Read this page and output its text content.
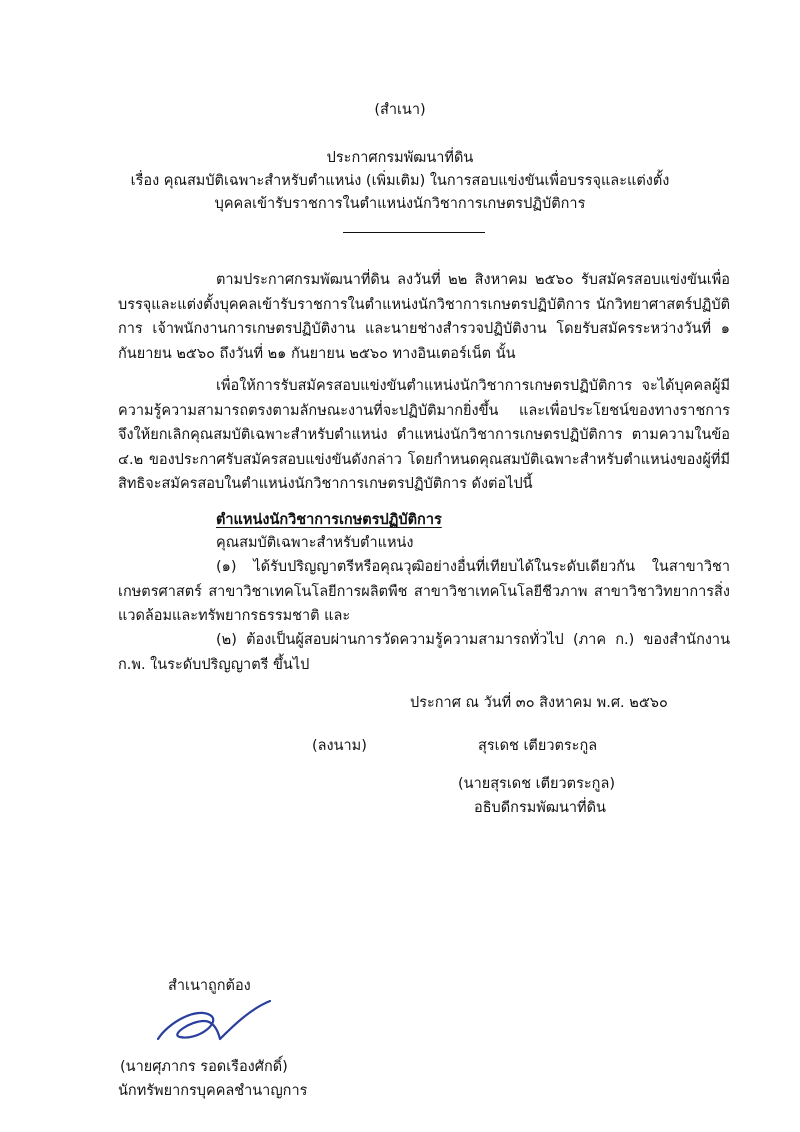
(สำเนา)
ประกาศกรมพัฒนาที่ดิน
เรื่อง คุณสมบัติเฉพาะสำหรับตำแหน่ง (เพิ่มเติม) ในการสอบแข่งขันเพื่อบรรจุและแต่งตั้ง
บุคคลเข้ารับราชการในตำแหน่งนักวิชาการเกษตรปฏิบัติการ
ตามประกาศกรมพัฒนาที่ดิน ลงวันที่ ๒๒ สิงหาคม ๒๕๖๐ รับสมัครสอบแข่งขันเพื่อบรรจุและแต่งตั้งบุคคลเข้ารับราชการในตำแหน่งนักวิชาการเกษตรปฏิบัติการ นักวิทยาศาสตร์ปฏิบัติการ เจ้าพนักงานการเกษตรปฏิบัติงาน และนายช่างสำรวจปฏิบัติงาน โดยรับสมัครระหว่างวันที่ ๑ กันยายน ๒๕๖๐ ถึงวันที่ ๒๑ กันยายน ๒๕๖๐ ทางอินเตอร์เน็ต นั้น
เพื่อให้การรับสมัครสอบแข่งขันตำแหน่งนักวิชาการเกษตรปฏิบัติการ จะได้บุคคลผู้มีความรู้ความสามารถตรงตามลักษณะงานที่จะปฏิบัติมากยิ่งขึ้น และเพื่อประโยชน์ของทางราชการ จึงให้ยกเลิกคุณสมบัติเฉพาะสำหรับตำแหน่ง ตำแหน่งนักวิชาการเกษตรปฏิบัติการ ตามความในข้อ ๔.๒ ของประกาศรับสมัครสอบแข่งขันดังกล่าว โดยกำหนดคุณสมบัติเฉพาะสำหรับตำแหน่งของผู้ที่มีสิทธิจะสมัครสอบในตำแหน่งนักวิชาการเกษตรปฏิบัติการ ดังต่อไปนี้
ตำแหน่งนักวิชาการเกษตรปฏิบัติการ
คุณสมบัติเฉพาะสำหรับตำแหน่ง
(๑) ได้รับปริญญาตรีหรือคุณวุฒิอย่างอื่นที่เทียบได้ในระดับเดียวกัน ในสาขาวิชาเกษตรศาสตร์ สาขาวิชาเทคโนโลยีการผลิตพืช สาขาวิชาเทคโนโลยีชีวภาพ สาขาวิชาวิทยาการสิ่งแวดล้อมและทรัพยากรธรรมชาติ และ
(๒) ต้องเป็นผู้สอบผ่านการวัดความรู้ความสามารถทั่วไป (ภาค ก.) ของสำนักงาน ก.พ. ในระดับปริญญาตรี ขึ้นไป
ประกาศ ณ วันที่ ๓๐ สิงหาคม พ.ศ. ๒๕๖๐
(ลงนาม)	สุรเดช เตียวตระกูล
(นายสุรเดช เตียวตระกูล)
อธิบดีกรมพัฒนาที่ดิน
สำเนาถูกต้อง
(นายศุภากร รอดเรืองศักดิ์)
นักทรัพยากรบุคคลชำนาญการ
